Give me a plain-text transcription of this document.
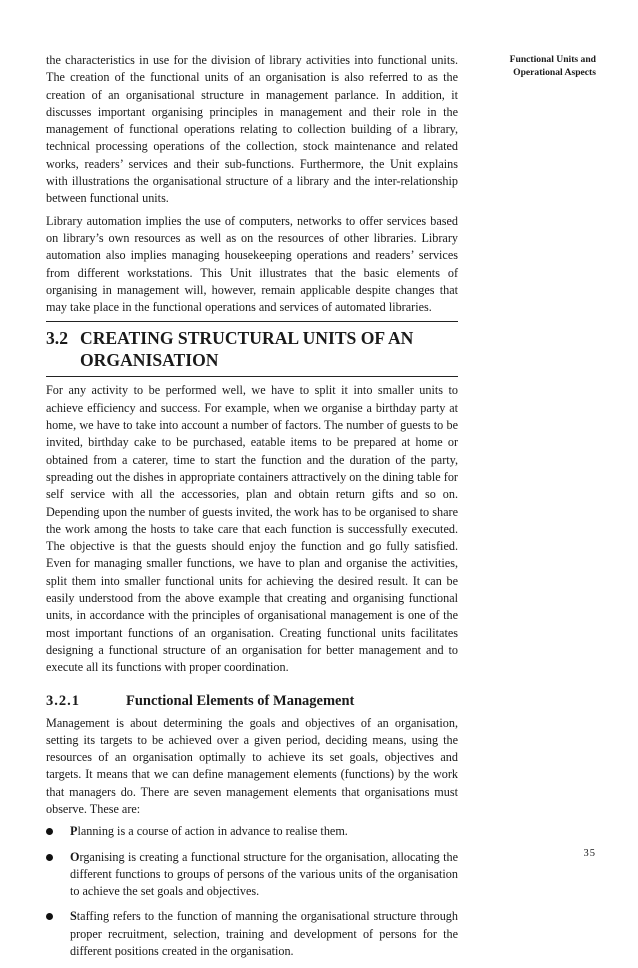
Functional Units and
Operational Aspects

the characteristics in use for the division of library activities into functional units. The creation of the functional units of an organisation is also referred to as the creation of an organisational structure in management parlance. In addition, it discusses important organising principles in management and their role in the management of functional operations relating to collection building of a library, technical processing operations of the collection, stock maintenance and related works, readers’ services and their sub-functions. Furthermore, the Unit explains with illustrations the organisational structure of a library and the inter-relationship between functional units.

Library automation implies the use of computers, networks to offer services based on library’s own resources as well as on the resources of other libraries. Library automation also implies managing housekeeping operations and readers’ services from different workstations. This Unit illustrates that the basic elements of organising in management will, however, remain applicable despite changes that may take place in the functional operations and services of automated libraries.

3.2 CREATING STRUCTURAL UNITS OF AN ORGANISATION

For any activity to be performed well, we have to split it into smaller units to achieve efficiency and success. For example, when we organise a birthday party at home, we have to take into account a number of factors. The number of guests to be invited, birthday cake to be purchased, eatable items to be prepared at home or obtained from a caterer, time to start the function and the duration of the party, spreading out the dishes in appropriate containers attractively on the dining table for self service with all the accessories, plan and obtain return gifts and so on. Depending upon the number of guests invited, the work has to be organised to share the work among the hosts to take care that each function is successfully executed. The objective is that the guests should enjoy the function and go fully satisfied. Even for managing smaller functions, we have to plan and organise the activities, split them into smaller functional units for achieving the desired result. It can be easily understood from the above example that creating and organising functional units, in accordance with the principles of organisational management is one of the most important functions of an organisation. Creating functional units facilitates designing a functional structure of an organisation for better management and to execute all its functions with proper coordination.

3.2.1	Functional Elements of Management

Management is about determining the goals and objectives of an organisation, setting its targets to be achieved over a given period, deciding means, using the resources of an organisation optimally to achieve its set goals, objectives and targets. It means that we can define management elements (functions) by the work that managers do. There are seven management elements that organisations must observe. These are:

Planning is a course of action in advance to realise them.
Organising is creating a functional structure for the organisation, allocating the different functions to groups of persons of the various units of the organisation to achieve the set goals and objectives.
Staffing refers to the function of manning the organisational structure through proper recruitment, selection, training and development of persons for the different positions created in the organisation.
35
